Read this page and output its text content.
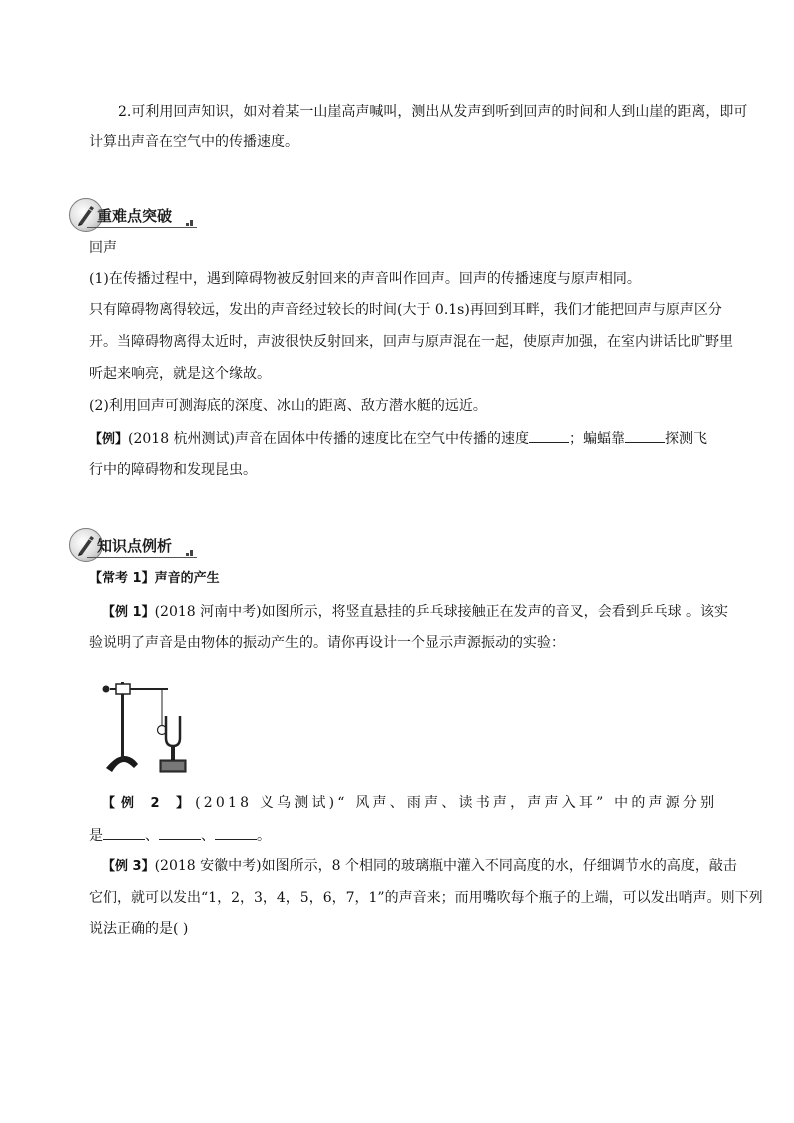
2.可利用回声知识，如对着某一山崖高声喊叫，测出从发声到听到回声的时间和人到山崖的距离，即可
计算出声音在空气中的传播速度。
重难点突破
回声
(1)在传播过程中，遇到障碍物被反射回来的声音叫作回声。回声的传播速度与原声相同。
只有障碍物离得较远，发出的声音经过较长的时间(大于 0.1s)再回到耳畔，我们才能把回声与原声区分
开。当障碍物离得太近时，声波很快反射回来，回声与原声混在一起，使原声加强，在室内讲话比旷野里
听起来响亮，就是这个缘故。
(2)利用回声可测海底的深度、冰山的距离、敌方潜水艇的远近。
【例】(2018 杭州测试)声音在固体中传播的速度比在空气中传播的速度	；蝙蝠靠	探测飞
行中的障碍物和发现昆虫。
知识点例析
【常考 1】声音的产生
【例 1】(2018 河南中考)如图所示，将竖直悬挂的乒乓球接触正在发声的音叉，会看到乒乓球 。该实
验说明了声音是由物体的振动产生的。请你再设计一个显示声源振动的实验：
【例 2 】(2018 义乌测试)“ 风声、雨声、读书声，声声入耳” 中的声源分别
是	、	、	。
【例 3】(2018 安徽中考)如图所示，8 个相同的玻璃瓶中灌入不同高度的水，仔细调节水的高度，敲击
它们，就可以发出“1，2，3，4，5，6，7，1”的声音来；而用嘴吹每个瓶子的上端，可以发出哨声。则下列
说法正确的是( )
